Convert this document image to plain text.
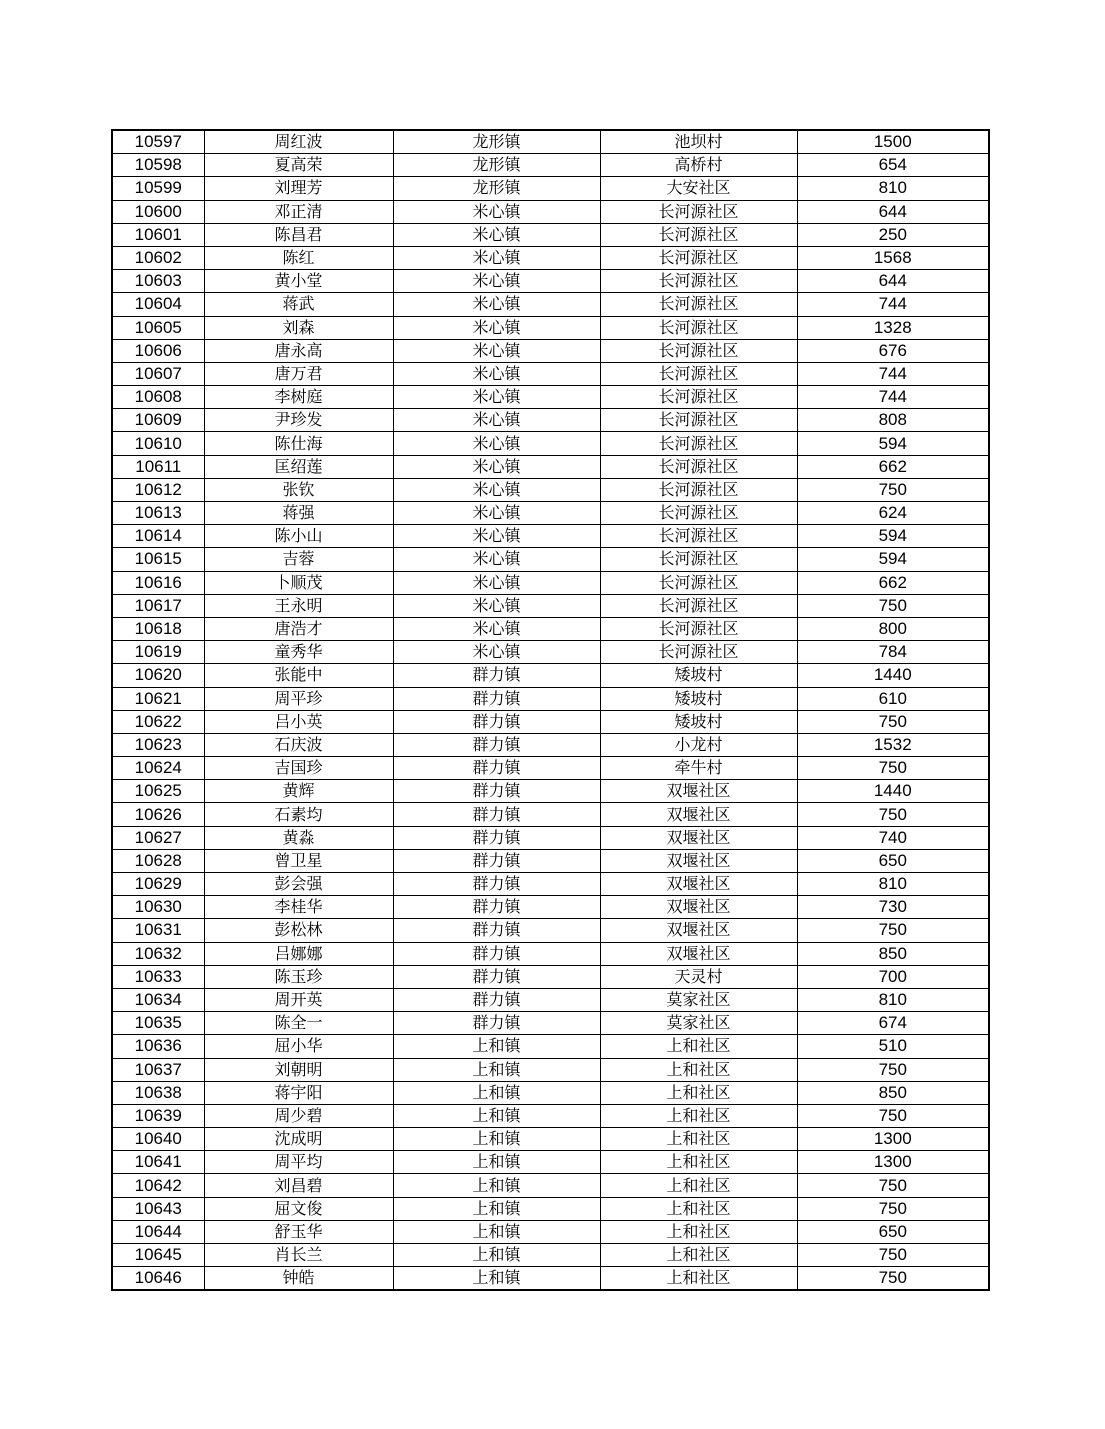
10597	周红波	龙形镇	池坝村	1500
10598	夏高荣	龙形镇	高桥村	654
10599	刘理芳	龙形镇	大安社区	810
10600	邓正清	米心镇	长河源社区	644
10601	陈昌君	米心镇	长河源社区	250
10602	陈红	米心镇	长河源社区	1568
10603	黄小堂	米心镇	长河源社区	644
10604	蒋武	米心镇	长河源社区	744
10605	刘森	米心镇	长河源社区	1328
10606	唐永高	米心镇	长河源社区	676
10607	唐万君	米心镇	长河源社区	744
10608	李树庭	米心镇	长河源社区	744
10609	尹珍发	米心镇	长河源社区	808
10610	陈仕海	米心镇	长河源社区	594
10611	匡绍莲	米心镇	长河源社区	662
10612	张钦	米心镇	长河源社区	750
10613	蒋强	米心镇	长河源社区	624
10614	陈小山	米心镇	长河源社区	594
10615	吉蓉	米心镇	长河源社区	594
10616	卜顺茂	米心镇	长河源社区	662
10617	王永明	米心镇	长河源社区	750
10618	唐浩才	米心镇	长河源社区	800
10619	童秀华	米心镇	长河源社区	784
10620	张能中	群力镇	矮坡村	1440
10621	周平珍	群力镇	矮坡村	610
10622	吕小英	群力镇	矮坡村	750
10623	石庆波	群力镇	小龙村	1532
10624	吉国珍	群力镇	牵牛村	750
10625	黄辉	群力镇	双堰社区	1440
10626	石素均	群力镇	双堰社区	750
10627	黄淼	群力镇	双堰社区	740
10628	曾卫星	群力镇	双堰社区	650
10629	彭会强	群力镇	双堰社区	810
10630	李桂华	群力镇	双堰社区	730
10631	彭松林	群力镇	双堰社区	750
10632	吕娜娜	群力镇	双堰社区	850
10633	陈玉珍	群力镇	天灵村	700
10634	周开英	群力镇	莫家社区	810
10635	陈全一	群力镇	莫家社区	674
10636	屈小华	上和镇	上和社区	510
10637	刘朝明	上和镇	上和社区	750
10638	蒋宇阳	上和镇	上和社区	850
10639	周少碧	上和镇	上和社区	750
10640	沈成明	上和镇	上和社区	1300
10641	周平均	上和镇	上和社区	1300
10642	刘昌碧	上和镇	上和社区	750
10643	屈文俊	上和镇	上和社区	750
10644	舒玉华	上和镇	上和社区	650
10645	肖长兰	上和镇	上和社区	750
10646	钟皓	上和镇	上和社区	750
